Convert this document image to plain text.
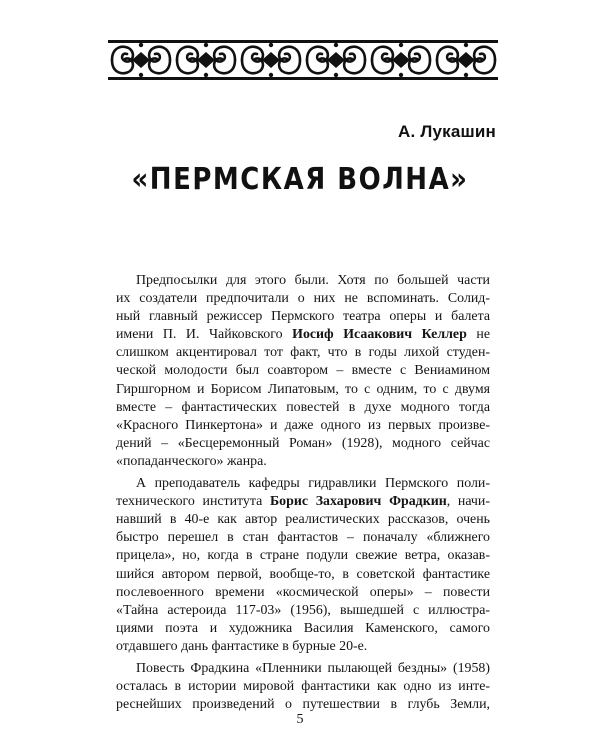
А. Лукашин
«ПЕРМСКАЯ ВОЛНА»
Предпосылки для этого были. Хотя по большей части
их создатели предпочитали о них не вспоминать. Солид-
ный главный режиссер Пермского театра оперы и балета
имени П. И. Чайковского Иосиф Исаакович Келлер не
слишком акцентировал тот факт, что в годы лихой студен-
ческой молодости был соавтором – вместе с Вениамином
Гиршгорном и Борисом Липатовым, то с одним, то с двумя
вместе – фантастических повестей в духе модного тогда
«Красного Пинкертона» и даже одного из первых произве-
дений – «Бесцеремонный Роман» (1928), модного сейчас
«попаданческого» жанра.
А преподаватель кафедры гидравлики Пермского поли-
технического института Борис Захарович Фрадкин, начи-
навший в 40-е как автор реалистических рассказов, очень
быстро перешел в стан фантастов – поначалу «ближнего
прицела», но, когда в стране подули свежие ветра, оказав-
шийся автором первой, вообще-то, в советской фантастике
послевоенного времени «космической оперы» – повести
«Тайна астероида 117-03» (1956), вышедшей с иллюстра-
циями поэта и художника Василия Каменского, самого
отдавшего дань фантастике в бурные 20-е.
Повесть Фрадкина «Пленники пылающей бездны» (1958)
осталась в истории мировой фантастики как одно из инте-
реснейших произведений о путешествии в глубь Земли,
5
